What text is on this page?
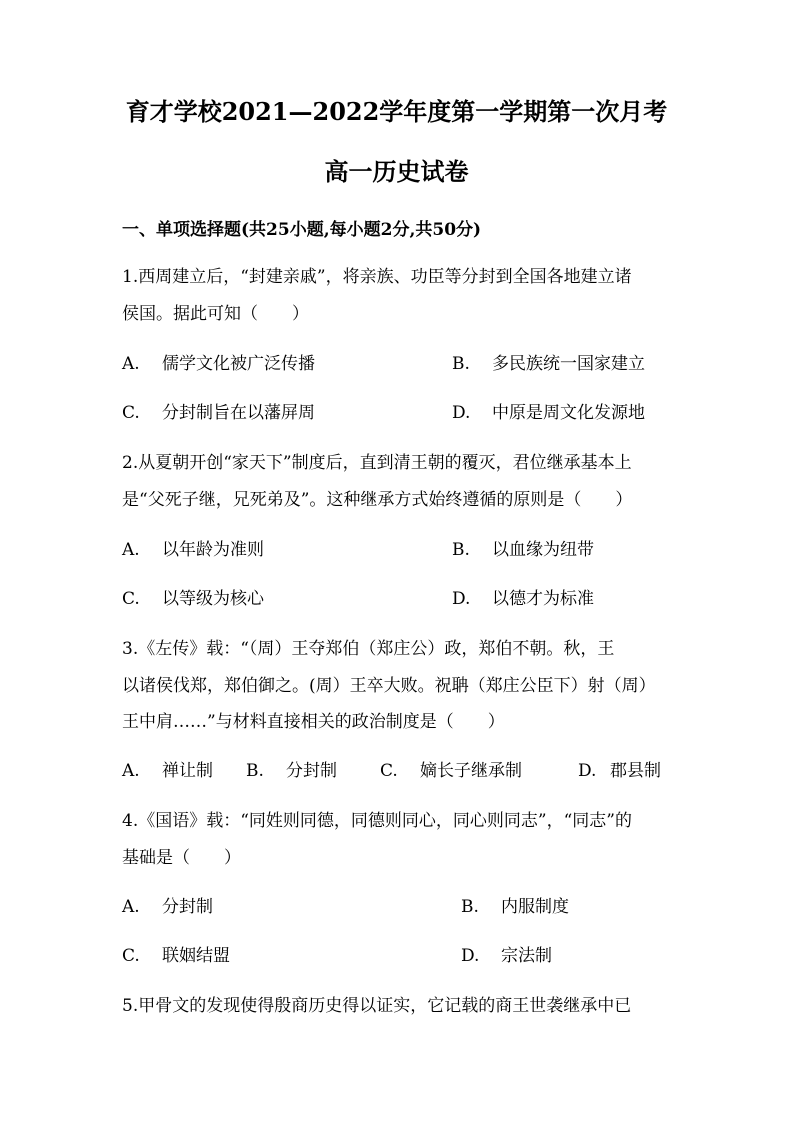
育才学校2021—2022学年度第一学期第一次月考
高一历史试卷
一、单项选择题(共25小题,每小题2分,共50分)
1.西周建立后，“封建亲戚”，将亲族、功臣等分封到全国各地建立诸
侯国。据此可知（　　）
A. 儒学文化被广泛传播	B. 多民族统一国家建立
C. 分封制旨在以藩屏周	D. 中原是周文化发源地
2.从夏朝开创“家天下”制度后，直到清王朝的覆灭，君位继承基本上
是“父死子继，兄死弟及”。这种继承方式始终遵循的原则是（　　）
A. 以年龄为准则	B. 以血缘为纽带
C. 以等级为核心	D. 以德才为标准
3.《左传》载：“（周）王夺郑伯（郑庄公）政，郑伯不朝。秋，王
以诸侯伐郑，郑伯御之。(周）王卒大败。祝聃（郑庄公臣下）射（周）
王中肩……”与材料直接相关的政治制度是（　　）
A. 禅让制 B. 分封制	C. 嫡长子继承制	D. 郡县制
4.《国语》载：“同姓则同德，同德则同心，同心则同志”，“同志”的
基础是（　　）
A. 分封制	B. 内服制度
C. 联姻结盟	D. 宗法制
5.甲骨文的发现使得殷商历史得以证实，它记载的商王世袭继承中已
